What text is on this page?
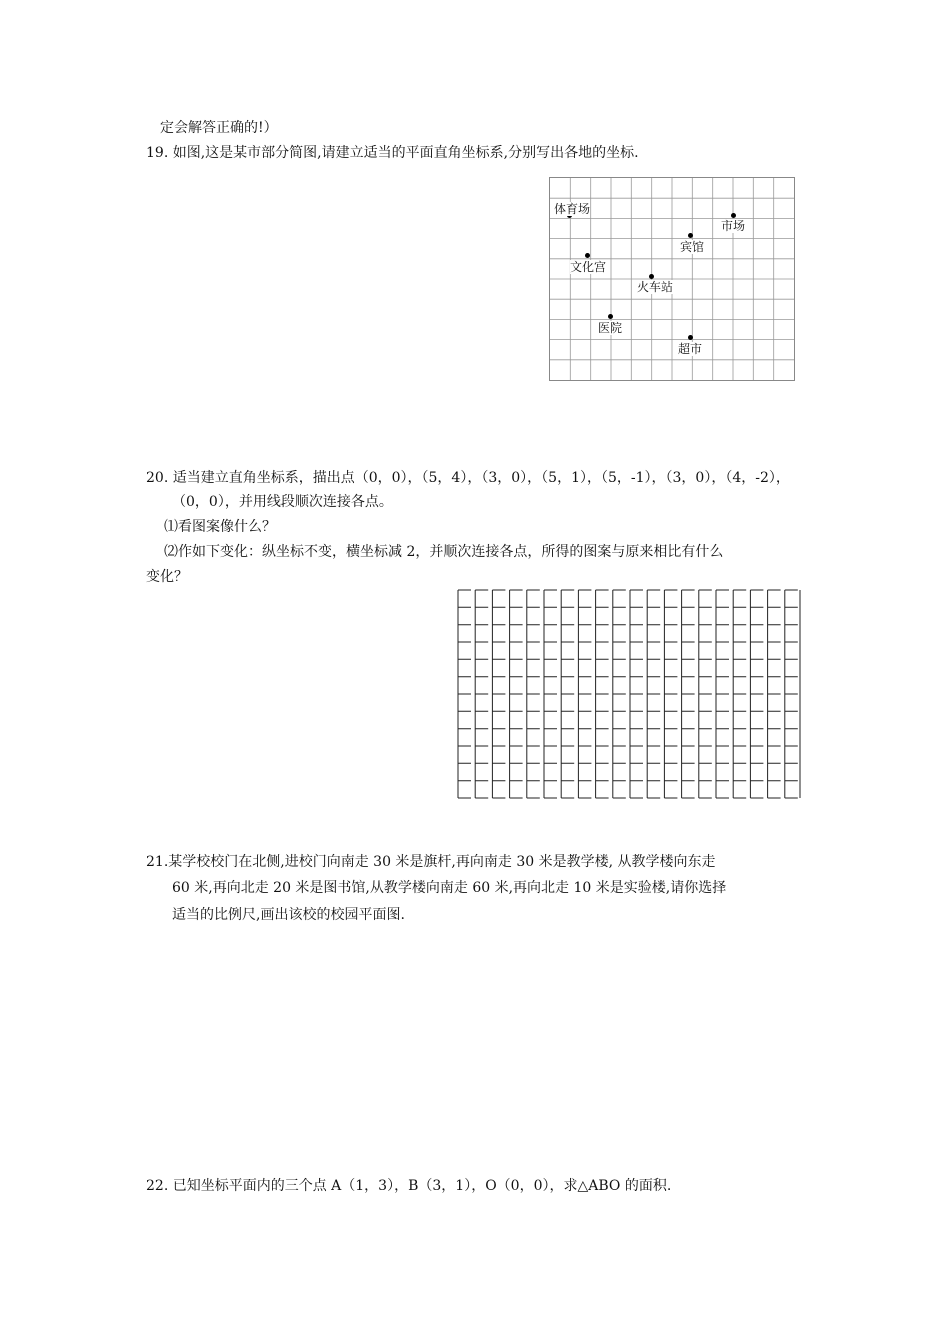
定会解答正确的!）
19. 如图,这是某市部分简图,请建立适当的平面直角坐标系,分别写出各地的坐标.
体育场
市场
宾馆
文化宫
火车站
医院
超市
20. 适当建立直角坐标系，描出点（0，0），（5，4），（3，0），（5，1），（5，-1），（3，0），（4，-2），
（0，0），并用线段顺次连接各点。
⑴看图案像什么？
⑵作如下变化：纵坐标不变，横坐标减 2，并顺次连接各点，所得的图案与原来相比有什么
变化？
21.某学校校门在北侧,进校门向南走 30 米是旗杆,再向南走 30 米是教学楼, 从教学楼向东走
60 米,再向北走 20 米是图书馆,从教学楼向南走 60 米,再向北走 10 米是实验楼,请你选择
适当的比例尺,画出该校的校园平面图.
22. 已知坐标平面内的三个点 A（1，3），B（3，1），O（0，0），求△ABO 的面积.
